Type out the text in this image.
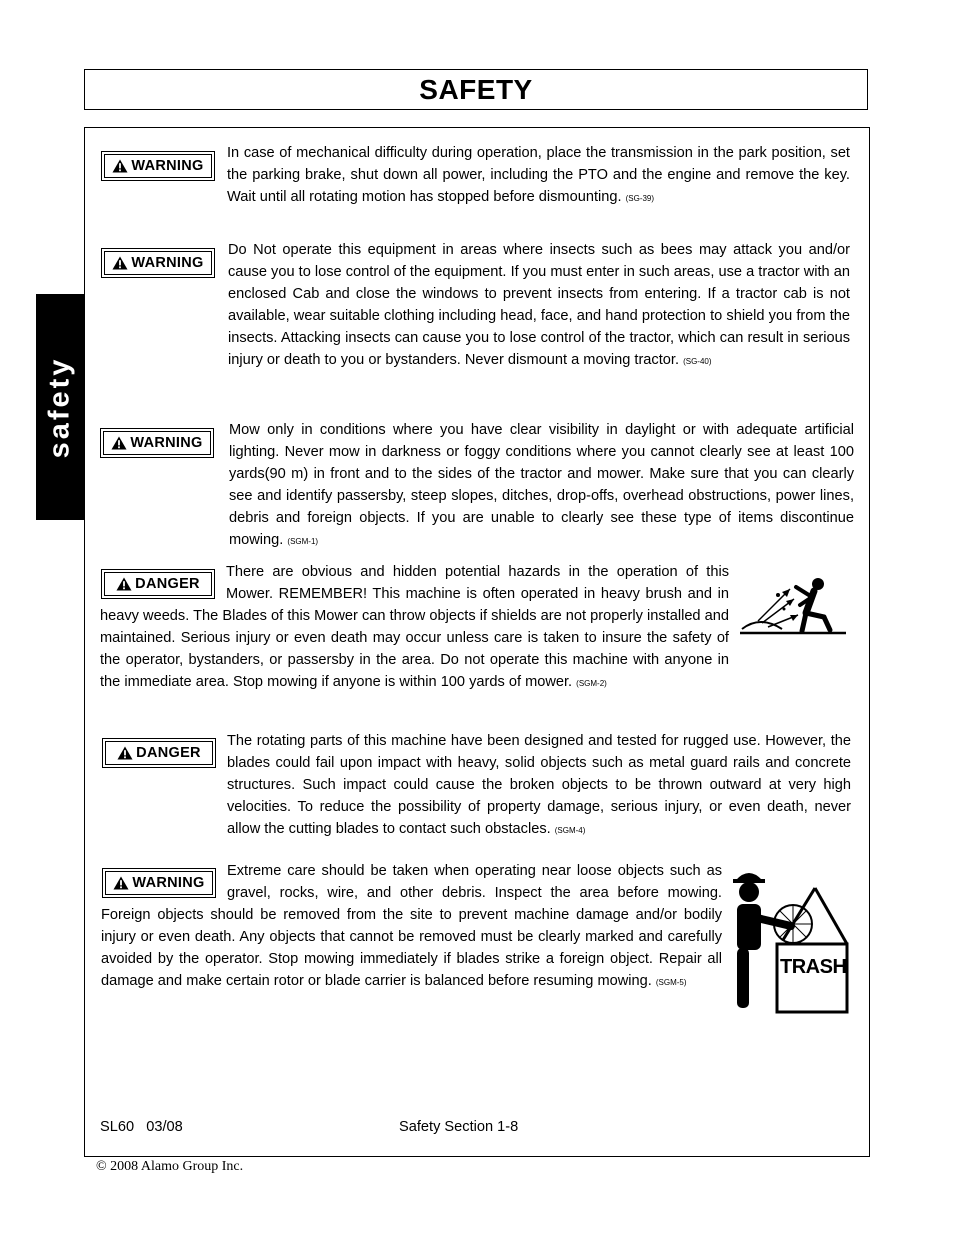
SAFETY
safety
WARNING

In case of mechanical difficulty during operation, place the transmission in the park position, set the parking brake, shut down all power, including the PTO and the engine and remove the key. Wait until all rotating motion has stopped before dismounting. (SG-39)

WARNING

Do Not operate this equipment in areas where insects such as bees may attack you and/or cause you to lose control of the equipment. If you must enter in such areas, use a tractor with an enclosed Cab and close the windows to prevent insects from entering. If a tractor cab is not available, wear suitable clothing including head, face, and hand protection to shield you from the insects. Attacking insects can cause you to lose control of the tractor, which can result in serious injury or death to you or bystanders. Never dismount a moving tractor. (SG-40)

WARNING

Mow only in conditions where you have clear visibility in daylight or with adequate artificial lighting. Never mow in darkness or foggy conditions where you cannot clearly see at least 100 yards(90 m) in front and to the sides of the tractor and mower. Make sure that you can clearly see and identify passersby, steep slopes, ditches, drop-offs, overhead obstructions, power lines, debris and foreign objects. If you are unable to clearly see these type of items discontinue mowing. (SGM-1)

There are obvious and hidden potential hazards in the operation of this Mower. REMEMBER! This machine is often operated in heavy brush and in heavy weeds. The Blades of this Mower can throw objects if shields are not properly installed and maintained. Serious injury or even death may occur unless care is taken to insure the safety of the operator, bystanders, or passersby in the area. Do not operate this machine with anyone in the immediate area. Stop mowing if anyone is within 100 yards of mower. (SGM-2)
DANGER
DANGER

The rotating parts of this machine have been designed and tested for rugged use. However, the blades could fail upon impact with heavy, solid objects such as metal guard rails and concrete structures. Such impact could cause the broken objects to be thrown outward at very high velocities. To reduce the possibility of property damage, serious injury, or even death, never allow the cutting blades to contact such obstacles. (SGM-4)

Extreme care should be taken when operating near loose objects such as gravel, rocks, wire, and other debris. Inspect the area before mowing. Foreign objects should be removed from the site to prevent machine damage and/or bodily injury or even death. Any objects that cannot be removed must be clearly marked and carefully avoided by the operator. Stop mowing immediately if blades strike a foreign object. Repair all damage and make certain rotor or blade carrier is balanced before resuming mowing. (SGM-5)
WARNING
TRASH
SL60   03/08	Safety Section 1-8
© 2008 Alamo Group Inc.
